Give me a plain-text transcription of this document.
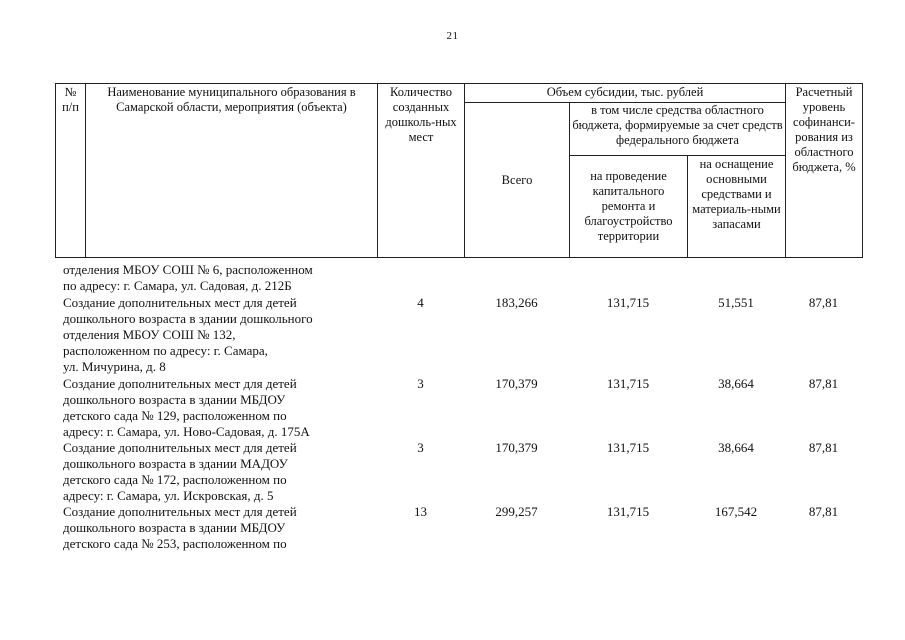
21
№ п/п	Наименование муниципального образования в Самарской области, мероприятия (объекта)	Количество созданных дошколь-ных мест	Объем субсидии, тыс. рублей			Расчетный уровень софинанси-рования из областного бюджета, %
			Всего	в том числе средства областного бюджета, формируемые за счет средств федерального бюджета		
				на проведение капитального ремонта и благоустройство территории	на оснащение основными средствами и материаль-ными запасами	

отделения МБОУ СОШ № 6, расположенном
по адресу: г. Самара, ул. Садовая, д. 212Б
Создание дополнительных мест для детей
дошкольного возраста в здании дошкольного
отделения МБОУ СОШ № 132,
расположенном по адресу: г. Самара,
ул. Мичурина, д. 8
4	183,266	131,715	51,551	87,81
Создание дополнительных мест для детей
дошкольного возраста в здании МБДОУ
детского сада № 129, расположенном по
адресу: г. Самара, ул. Ново-Садовая, д. 175А
3	170,379	131,715	38,664	87,81
Создание дополнительных мест для детей
дошкольного возраста в здании МАДОУ
детского сада № 172, расположенном по
адресу: г. Самара, ул. Искровская, д. 5
3	170,379	131,715	38,664	87,81
Создание дополнительных мест для детей
дошкольного возраста в здании МБДОУ
детского сада № 253, расположенном по
13	299,257	131,715	167,542	87,81
